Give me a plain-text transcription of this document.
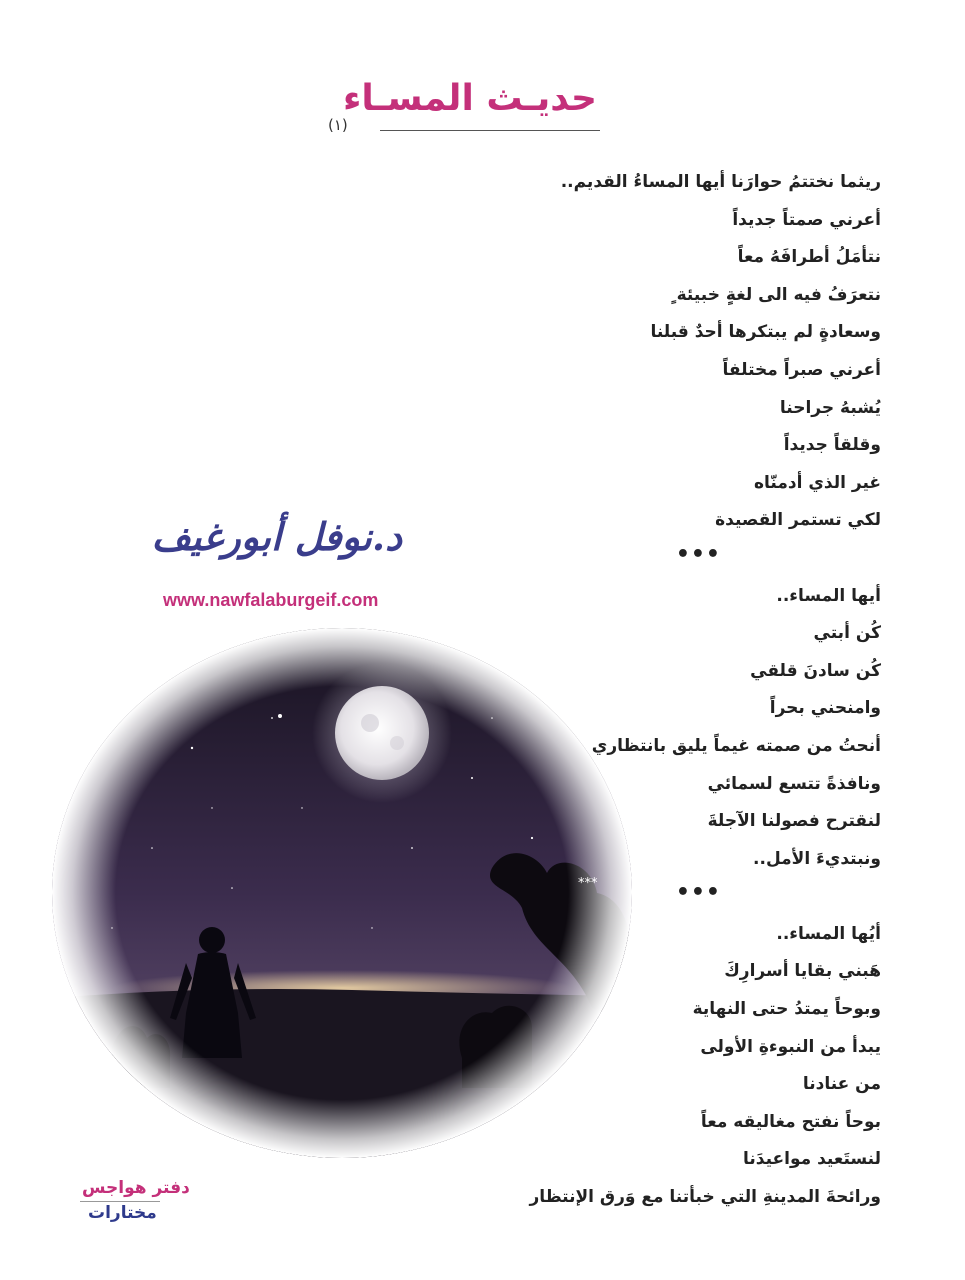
حديـث المسـاء
(١)
ريثما نختتمُ حوارَنا أيها المساءُ القديم..
أعرني صمتاً جديداً
نتأمَلُ أطرافَهُ معاً
نتعرَفُ فيه الى لغةٍ خبيئة ٍ
وسعادةٍ لم يبتكرها أحدٌ قبلنا
أعرني صبراً مختلفاً
يُشبهُ جراحنا
وقلقاً جديداً
غير الذي أدمنّاه
لكي تستمر القصيدة
•••
أيها المساء..
كُن أبتي
كُن سادنَ قلقي
وامنحني بحراً
أنحتُ من صمته غيماً يليق بانتظاري
ونافذةً تتسع لسمائي
لنقترح فصولنا الآجلةَ
ونبتديءَ الأمل..
•••
أيُها المساء..
هَبني بقايا أسرارِكَ
وبوحاً يمتدُ حتى النهاية
يبدأ من النبوءةِ الأولى
من عنادنا
بوحاً نفتح مغاليقه معاً
لنستَعيد مواعيدَنا
ورائحةَ المدينةِ التي خبأتنا مع وَرق الإنتظار
د.نوفل أبورغيف
www.nawfalaburgeif.com
***
دفتر هواجس
مختارات
